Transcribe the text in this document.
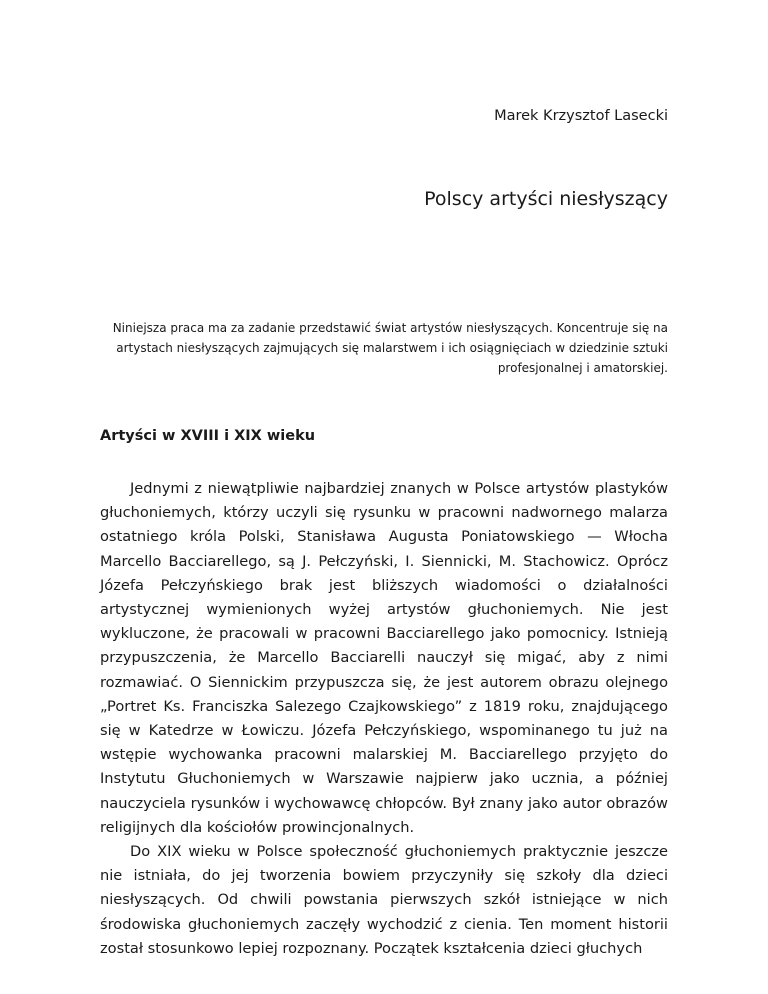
Marek Krzysztof Lasecki
Polscy artyści niesłyszący
Niniejsza praca ma za zadanie przedstawić świat artystów niesłyszących. Koncentruje się na artystach niesłyszących zajmujących się malarstwem i ich osiągnięciach w dziedzinie sztuki profesjonalnej i amatorskiej.
Artyści w XVIII i XIX wieku

Jednymi z niewątpliwie najbardziej znanych w Polsce artystów plastyków głuchoniemych, którzy uczyli się rysunku w pracowni nadwornego malarza ostatniego króla Polski, Stanisława Augusta Poniatowskiego — Włocha Marcello Bacciarellego, są J. Pełczyński, I. Siennicki, M. Stachowicz. Oprócz Józefa Pełczyńskiego brak jest bliższych wiadomości o działalności artystycznej wymienionych wyżej artystów głuchoniemych. Nie jest wykluczone, że pracowali w pracowni Bacciarellego jako pomocnicy. Istnieją przypuszczenia, że Marcello Bacciarelli nauczył się migać, aby z nimi rozmawiać. O Siennickim przypuszcza się, że jest autorem obrazu olejnego „Portret Ks. Franciszka Salezego Czajkowskiego” z 1819 roku, znajdującego się w Katedrze w Łowiczu. Józefa Pełczyńskiego, wspominanego tu już na wstępie wychowanka pracowni malarskiej M. Bacciarellego przyjęto do Instytutu Głuchoniemych w Warszawie najpierw jako ucznia, a później nauczyciela rysunków i wychowawcę chłopców. Był znany jako autor obrazów religijnych dla kościołów prowincjonalnych.

Do XIX wieku w Polsce społeczność głuchoniemych praktycznie jeszcze nie istniała, do jej tworzenia bowiem przyczyniły się szkoły dla dzieci niesłyszących. Od chwili powstania pierwszych szkół istniejące w nich środowiska głuchoniemych zaczęły wychodzić z cienia. Ten moment historii został stosunkowo lepiej rozpoznany. Początek kształcenia dzieci głuchych
